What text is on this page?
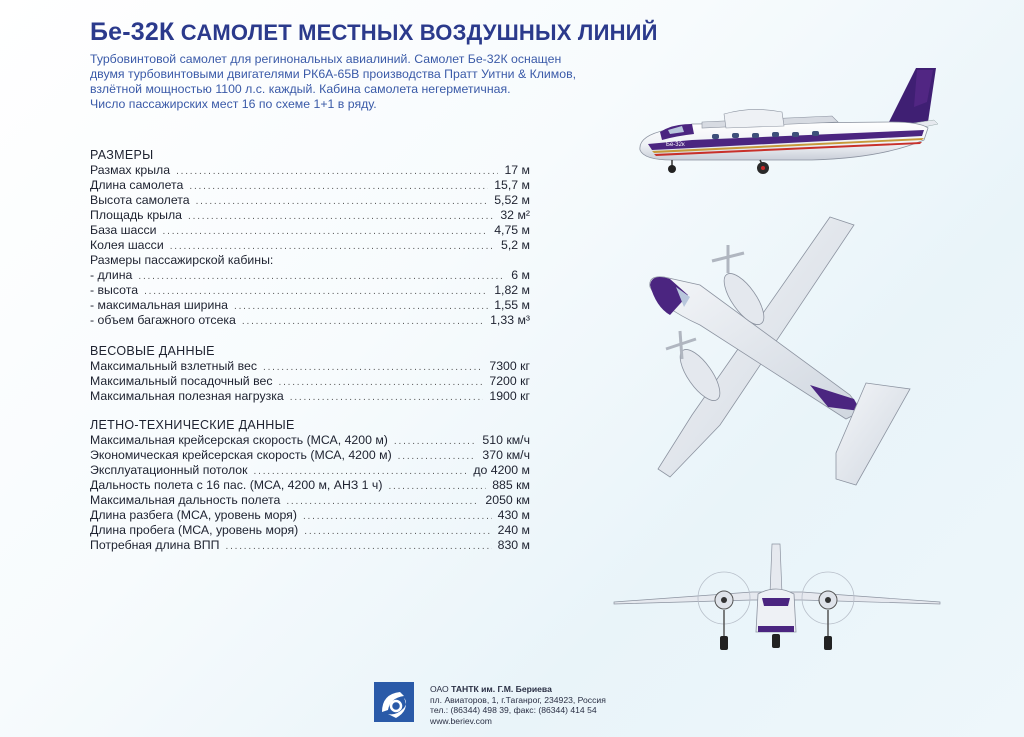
Бе-32К САМОЛЕТ МЕСТНЫХ ВОЗДУШНЫХ ЛИНИЙ
Турбовинтовой самолет для регинональных авиалиний. Самолет Бе-32К оснащен
двумя турбовинтовыми двигателями РК6А-65В производства Пратт Уитни & Климов,
взлётной мощностью 1100 л.с. каждый. Кабина самолета негерметичная.
Число пассажирских мест 16 по схеме 1+1 в ряду.
РАЗМЕРЫ
Размах крыла .....	17 м
Длина самолета .....	15,7 м
Высота самолета .....	5,52 м
Площадь крыла .....	32 м²
База шасси .....	4,75 м
Колея шасси .....	5,2 м
Размеры пассажирской кабины:
- длина .....	6 м
- высота .....	1,82 м
- максимальная ширина .....	1,55 м
- объем багажного отсека .....	1,33 м³
ВЕСОВЫЕ ДАННЫЕ
Максимальный взлетный вес .....	7300 кг
Максимальный посадочный вес .....	7200 кг
Максимальная полезная нагрузка .....	1900 кг
ЛЕТНО-ТЕХНИЧЕСКИЕ ДАННЫЕ
Максимальная крейсерская скорость (МСА, 4200 м) .....	510 км/ч
Экономическая крейсерская скорость (МСА, 4200 м) .....	370 км/ч
Эксплуатационный потолок .....	до 4200 м
Дальность полета с 16 пас. (МСА, 4200 м, АНЗ 1 ч) .....	885 км
Максимальная дальность полета .....	2050 км
Длина разбега (МСА, уровень моря) .....	430 м
Длина пробега (МСА, уровень моря) .....	240 м
Потребная длина ВПП .....	830 м
Бе-32к
ОАО ТАНТК им. Г.М. Бериева
пл. Авиаторов, 1, г.Таганрог, 234923, Россия
тел.: (86344) 498 39, факс: (86344) 414 54
www.beriev.com
